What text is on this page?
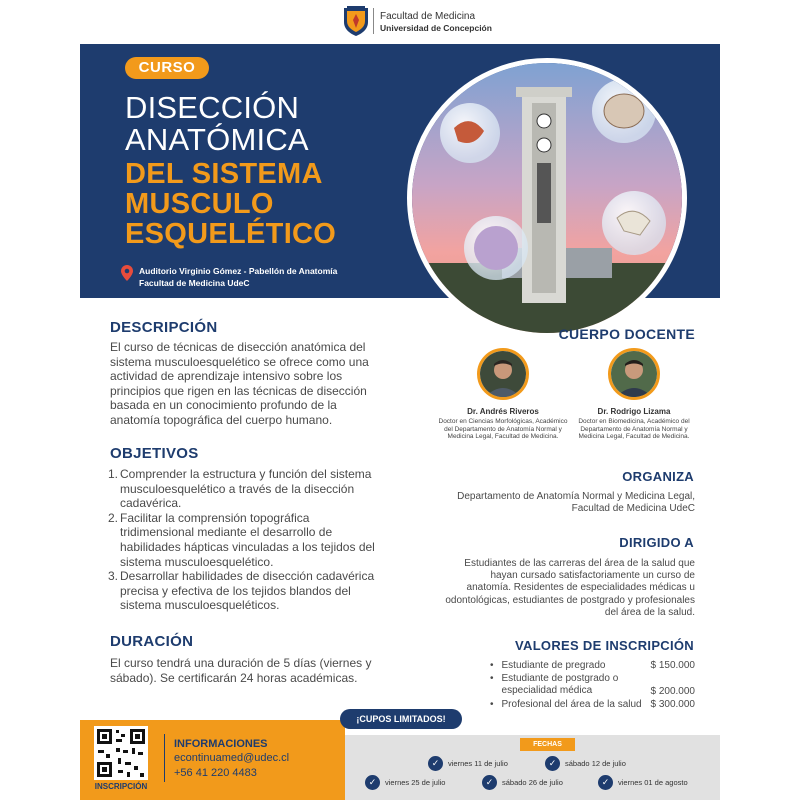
Facultad de Medicina
Universidad de Concepción
CURSO
DISECCIÓN
ANATÓMICA
DEL SISTEMA
MUSCULO
ESQUELÉTICO
Auditorio Virginio Gómez - Pabellón de Anatomía
Facultad de Medicina UdeC
DESCRIPCIÓN
El curso de técnicas de disección anatómica del sistema musculoesquelético se ofrece como una actividad de aprendizaje intensivo sobre los principios que rigen en las técnicas de disección basada en un conocimiento profundo de la anatomía topográfica del cuerpo humano.
OBJETIVOS
1. Comprender la estructura y función del sistema musculoesquelético a través de la disección cadavérica.
2. Facilitar la comprensión topográfica tridimensional mediante el desarrollo de habilidades hápticas vinculadas a los tejidos del sistema musculoesquelético.
3. Desarrollar habilidades de disección cadavérica precisa y efectiva de los tejidos blandos del sistema musculoesqueléticos.
DURACIÓN
El curso tendrá una duración de 5 días (viernes y sábado). Se certificarán 24 horas académicas.
CUERPO DOCENTE
Dr. Andrés Riveros
Doctor en Ciencias Morfológicas, Académico del Departamento de Anatomía Normal y Medicina Legal, Facultad de Medicina.
Dr. Rodrigo Lizama
Doctor en Biomedicina, Académico del Departamento de Anatomía Normal y Medicina Legal, Facultad de Medicina.
ORGANIZA
Departamento de Anatomía Normal y Medicina Legal, Facultad de Medicina UdeC
DIRIGIDO A
Estudiantes de las carreras del área de la salud que hayan cursado satisfactoriamente un curso de anatomía. Residentes de especialidades médicas u odontológicas, estudiantes de postgrado y profesionales del área de la salud.
VALORES DE INSCRIPCIÓN
• Estudiante de pregrado	$ 150.000
• Estudiante de postgrado o especialidad médica	$ 200.000
• Profesional del área de la salud $ 300.000
¡CUPOS LIMITADOS!
INSCRIPCIÓN
INFORMACIONES
econtinuamed@udec.cl
+56 41 220 4483
FECHAS
✓	viernes 11 de julio	✓	sábado 12 de julio
✓	viernes 25 de julio	✓	sábado 26 de julio	✓	viernes 01 de agosto
